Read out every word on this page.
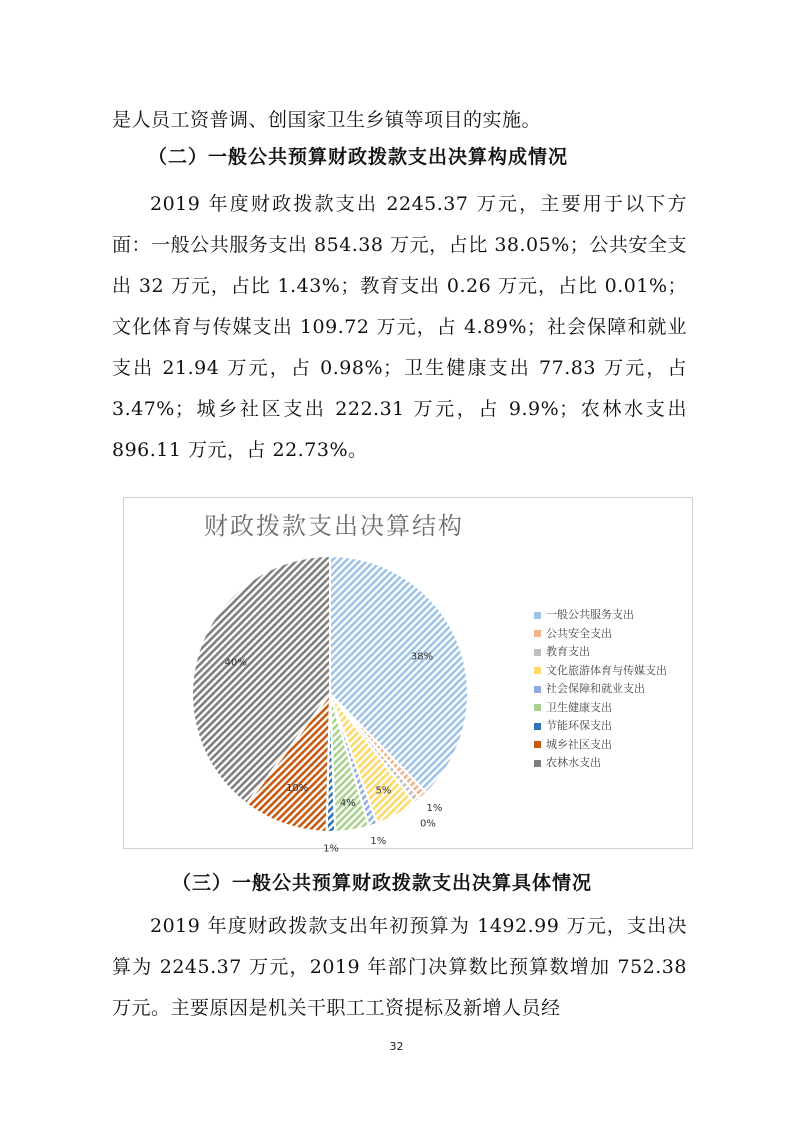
是人员工资普调、创国家卫生乡镇等项目的实施。
（二）一般公共预算财政拨款支出决算构成情况

2019 年度财政拨款支出 2245.37 万元，主要用于以下方面：一般公共服务支出 854.38 万元，占比 38.05%；公共安全支出 32 万元，占比 1.43%；教育支出 0.26 万元，占比 0.01%；文化体育与传媒支出 109.72 万元，占 4.89%；社会保障和就业支出 21.94 万元，占 0.98%；卫生健康支出 77.83 万元，占 3.47%；城乡社区支出 222.31 万元，占 9.9%；农林水支出 896.11 万元，占 22.73%。

财政拨款支出决算结构
38%
1%
0%
5%
1%
4%
1%
10%
40%
一般公共服务支出
公共安全支出
教育支出
文化旅游体育与传媒支出
社会保障和就业支出
卫生健康支出
节能环保支出
城乡社区支出
农林水支出
（三）一般公共预算财政拨款支出决算具体情况

2019 年度财政拨款支出年初预算为 1492.99 万元，支出决算为 2245.37 万元，2019 年部门决算数比预算数增加 752.38 万元。主要原因是机关干职工工资提标及新增人员经

32
